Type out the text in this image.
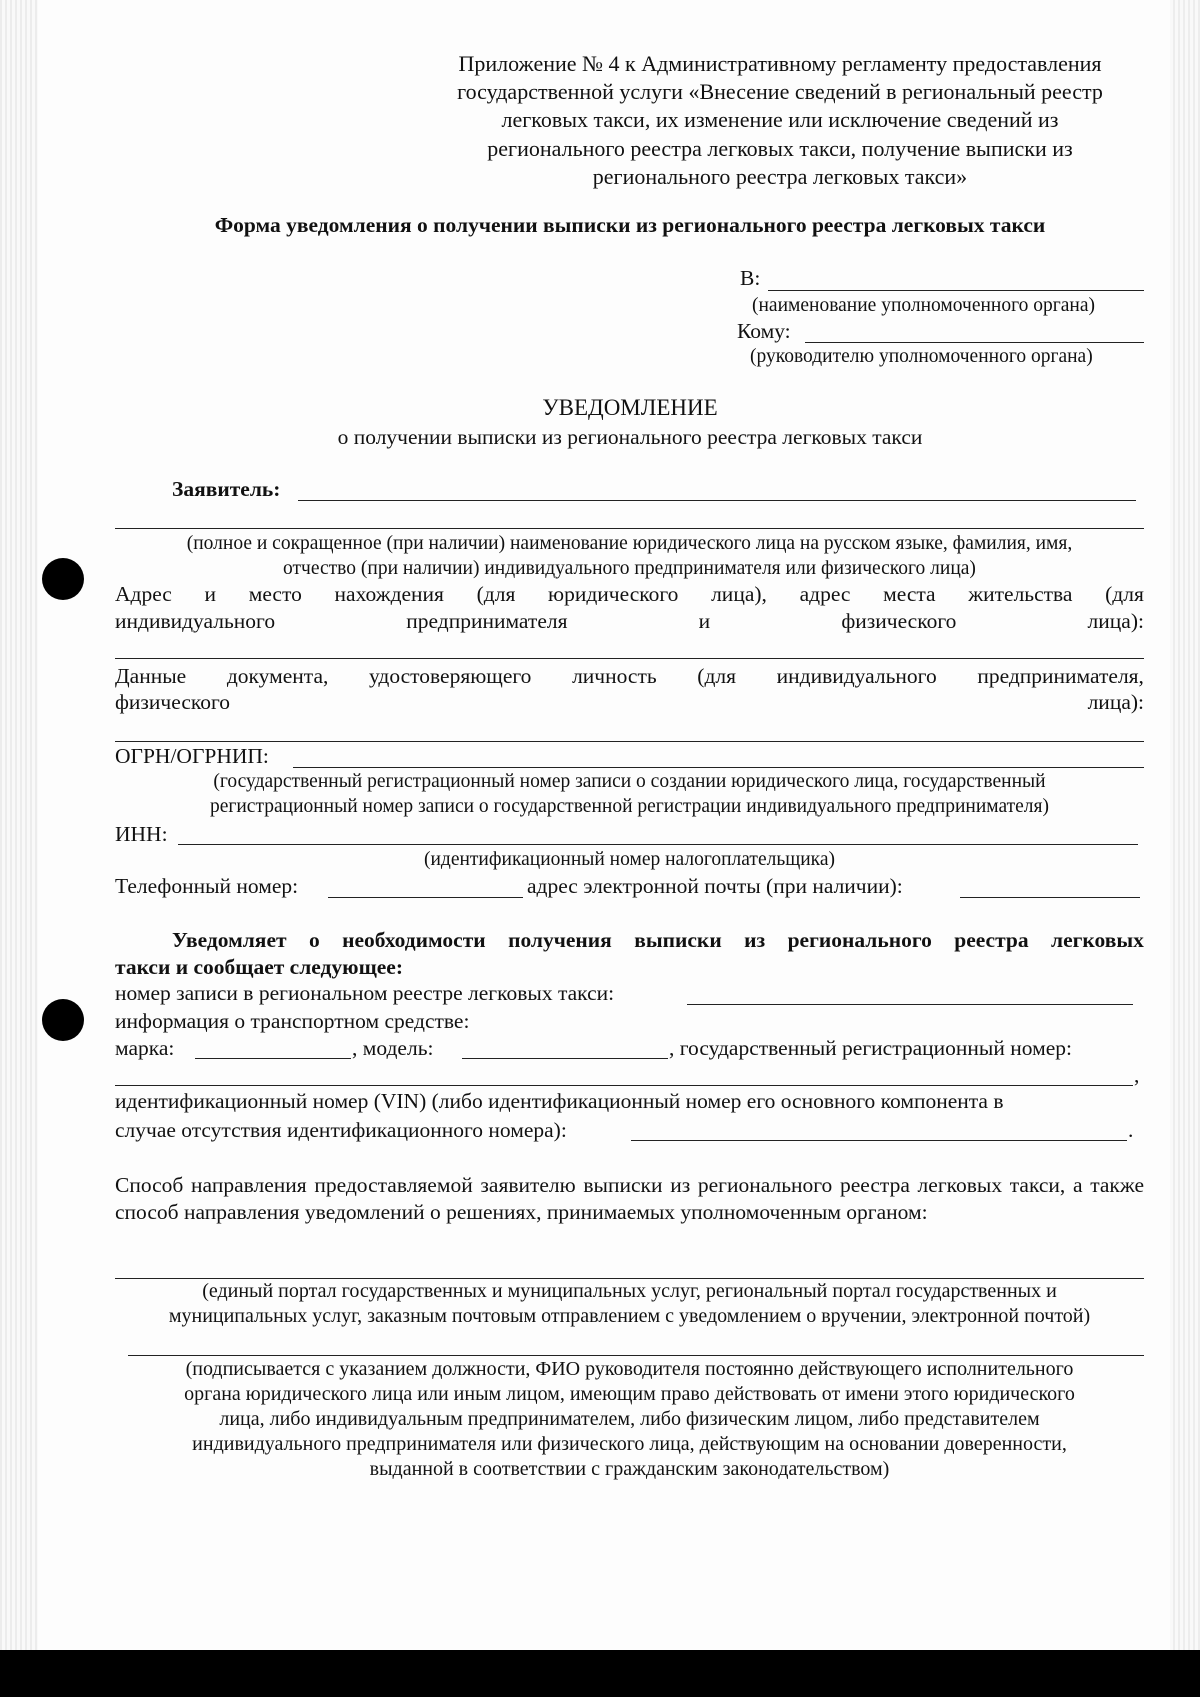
Приложение № 4 к Административному регламенту предоставления
государственной услуги «Внесение сведений в региональный реестр
легковых такси, их изменение или исключение сведений из
регионального реестра легковых такси, получение выписки из
регионального реестра легковых такси»
Форма уведомления о получении выписки из регионального реестра легковых такси
В:
(наименование уполномоченного органа)
Кому:
(руководителю уполномоченного органа)
УВЕДОМЛЕНИЕ
о получении выписки из регионального реестра легковых такси
Заявитель:
(полное и сокращенное (при наличии) наименование юридического лица на русском языке, фамилия, имя,
отчество (при наличии) индивидуального предпринимателя или физического лица)
Адрес и место нахождения (для юридического лица), адрес места жительства (для
индивидуального	предпринимателя	и	физического	лица):
Данные документа, удостоверяющего личность (для индивидуального предпринимателя,
физического	лица):
ОГРН/ОГРНИП:
(государственный регистрационный номер записи о создании юридического лица, государственный
регистрационный номер записи о государственной регистрации индивидуального предпринимателя)
ИНН:
(идентификационный номер налогоплательщика)
Телефонный номер:	адрес электронной почты (при наличии):
Уведомляет о необходимости получения выписки из регионального реестра легковых
такси и сообщает следующее:
номер записи в региональном реестре легковых такси:
информация о транспортном средстве:
марка:	, модель:	, государственный регистрационный номер:
,
идентификационный номер (VIN) (либо идентификационный номер его основного компонента в
случае отсутствия идентификационного номера):	.
Способ направления предоставляемой заявителю выписки из регионального реестра легковых такси, а также способ направления уведомлений о решениях, принимаемых уполномоченным органом:
(единый портал государственных и муниципальных услуг, региональный портал государственных и
муниципальных услуг, заказным почтовым отправлением с уведомлением о вручении, электронной почтой)
(подписывается с указанием должности, ФИО руководителя постоянно действующего исполнительного
органа юридического лица или иным лицом, имеющим право действовать от имени этого юридического
лица, либо индивидуальным предпринимателем, либо физическим лицом, либо представителем
индивидуального предпринимателя или физического лица, действующим на основании доверенности,
выданной в соответствии с гражданским законодательством)
